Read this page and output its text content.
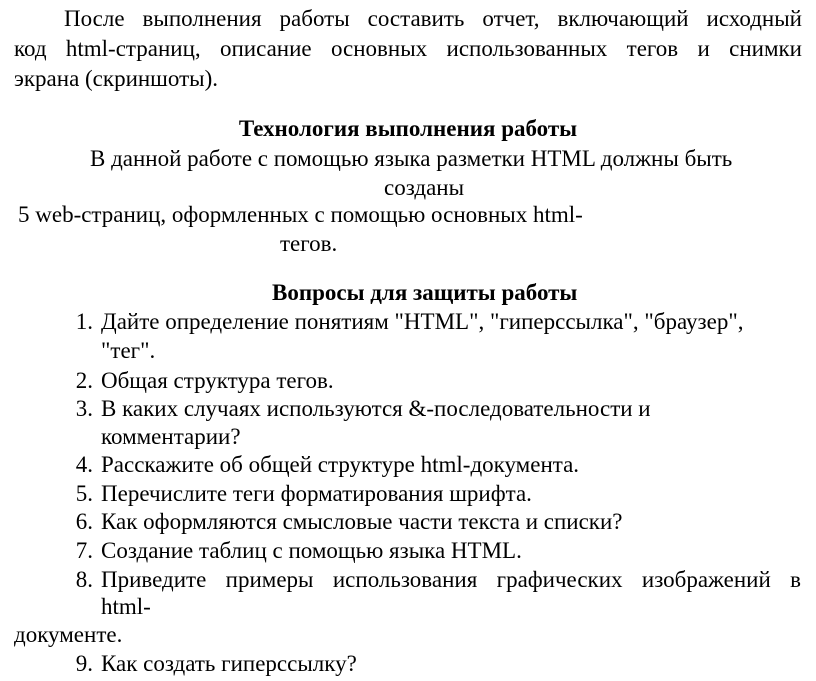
После выполнения работы составить отчет, включающий исходный
код html-страниц, описание основных использованных тегов и снимки
экрана (скриншоты).
Технология выполнения работы
В данной работе с помощью языка разметки HTML должны быть
созданы
5 web-страниц, оформленных с помощью основных html-
тегов.
Вопросы для защиты работы
1. Дайте определение понятиям "HTML", "гиперссылка", "браузер",
"тег".
2. Общая структура тегов.
3. В каких случаях используются &-последовательности и
комментарии?
4. Расскажите об общей структуре html-документа.
5. Перечислите теги форматирования шрифта.
6. Как оформляются смысловые части текста и списки?
7. Создание таблиц с помощью языка HTML.
8. Приведите примеры использования графических изображений в
html-
документе.
9. Как создать гиперссылку?
